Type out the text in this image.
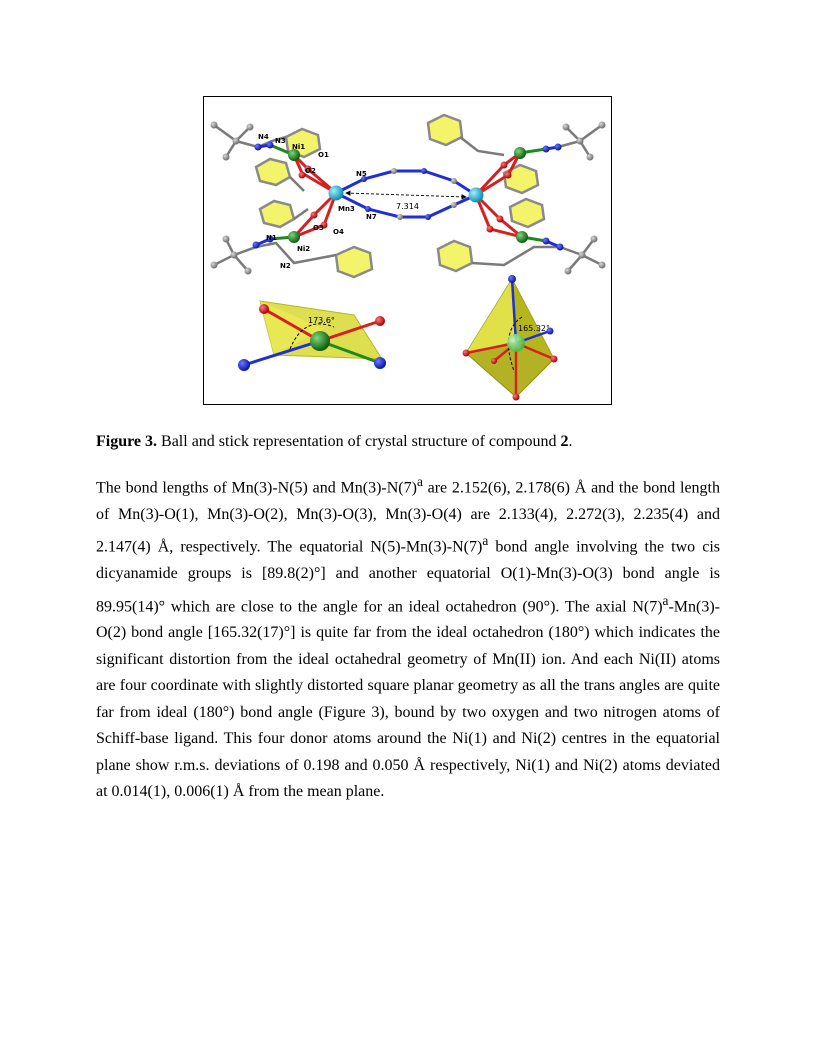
N4 N3
Ni1
O1
O2	N5
Mn3
N7
O3 O4
N1
Ni2
N2
7.314
173.6°
165.32°
Figure 3. Ball and stick representation of crystal structure of compound 2.

The bond lengths of Mn(3)-N(5) and $Mn(3)-N(7)^a$ are 2.152(6), 2.178(6) Å and the bond length of Mn(3)-O(1), Mn(3)-O(2), Mn(3)-O(3), Mn(3)-O(4) are 2.133(4), 2.272(3), 2.235(4) and 2.147(4) Å, respectively. The equatorial $N(5)-Mn(3)-N(7)^a$ bond angle involving the two cis dicyanamide groups is [89.8(2)°] and another equatorial O(1)-Mn(3)-O(3) bond angle is 89.95(14)° which are close to the angle for an ideal octahedron (90°). The axial $N(7)^a-Mn(3)-O(2)$ bond angle [165.32(17)°] is quite far from the ideal octahedron (180°) which indicates the significant distortion from the ideal octahedral geometry of Mn(II) ion. And each Ni(II) atoms are four coordinate with slightly distorted square planar geometry as all the trans angles are quite far from ideal (180°) bond angle (Figure 3), bound by two oxygen and two nitrogen atoms of Schiff-base ligand. This four donor atoms around the Ni(1) and Ni(2) centres in the equatorial plane show r.m.s. deviations of 0.198 and 0.050 Å respectively, Ni(1) and Ni(2) atoms deviated at 0.014(1), 0.006(1) Å from the mean plane.
